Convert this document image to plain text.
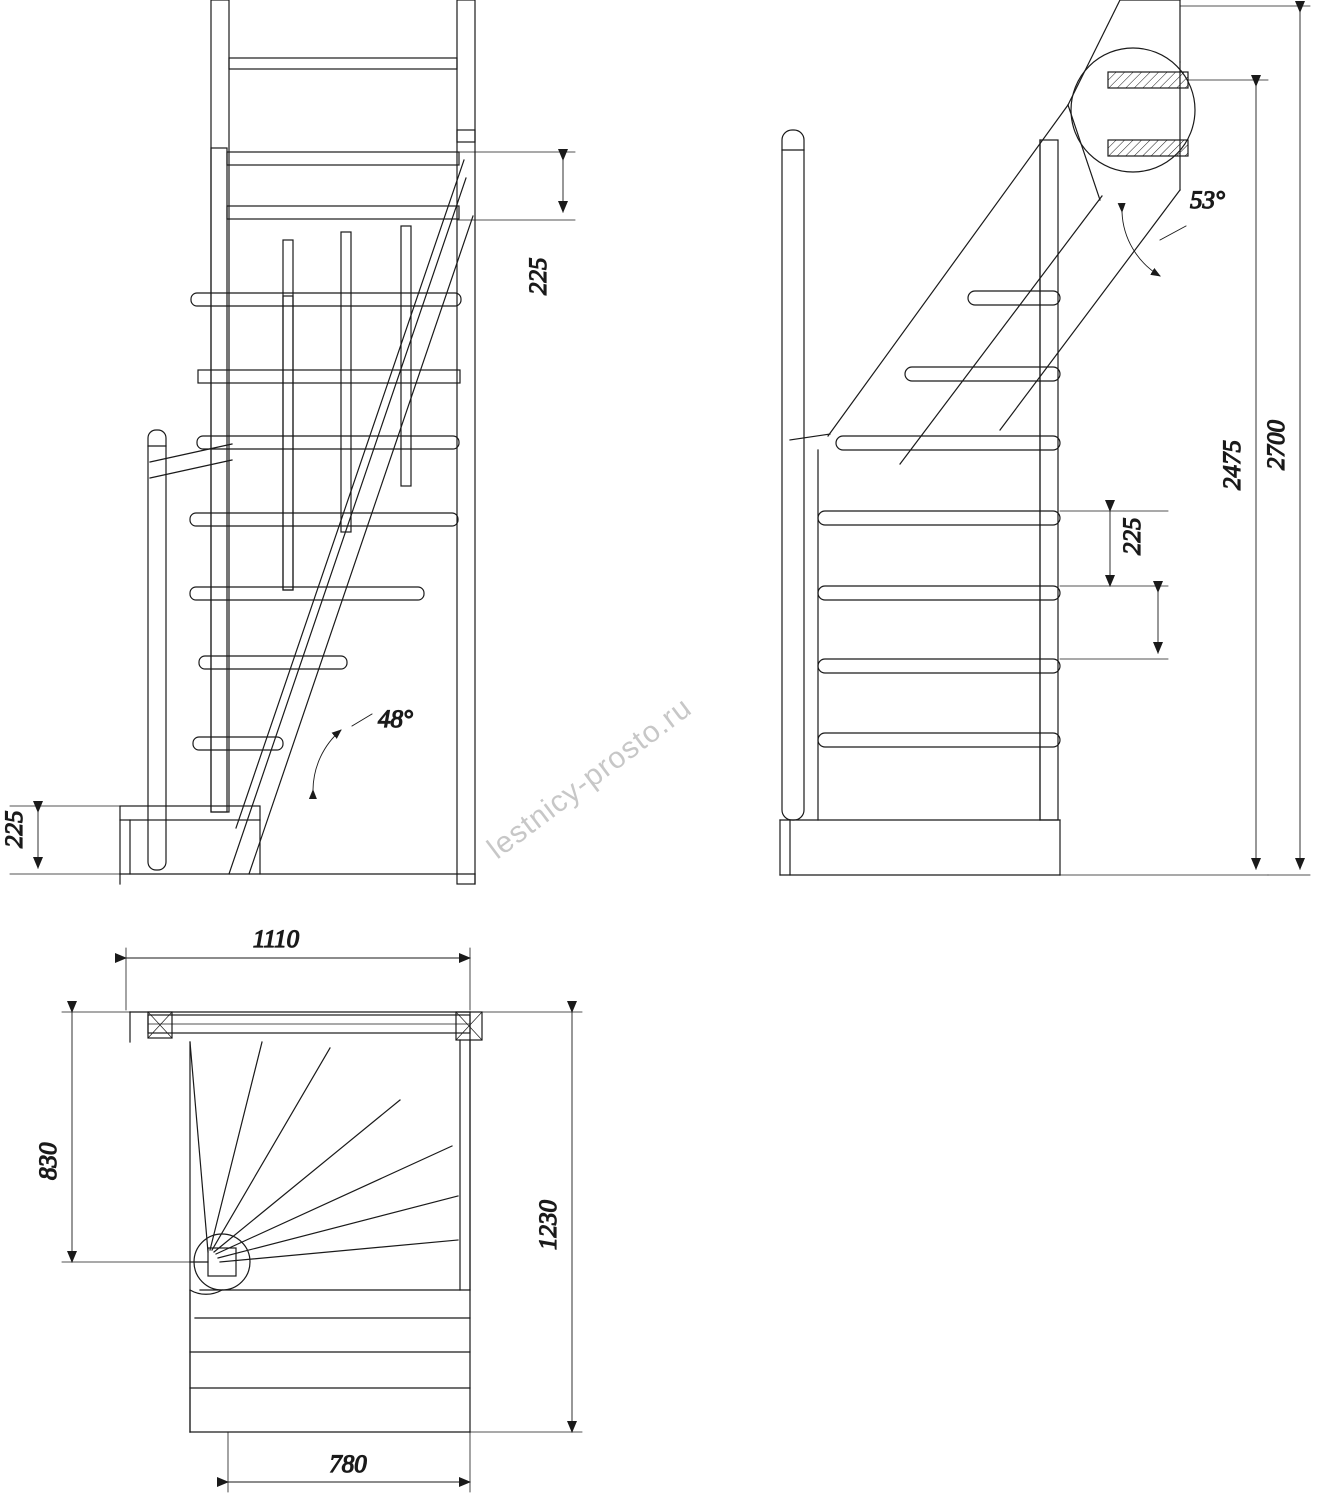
225
225
48°
53°
225
2475 2700
1110
830
1230
780
lestnicy-prosto.ru
